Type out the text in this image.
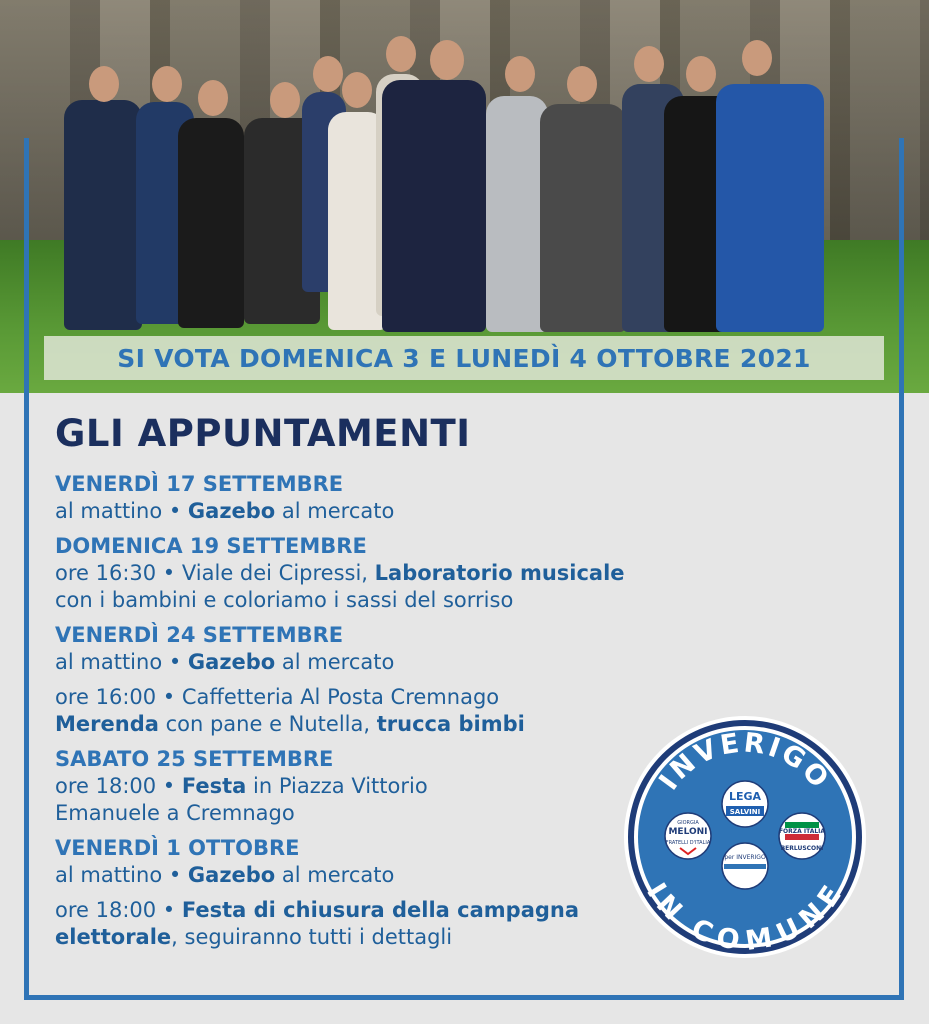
SI VOTA DOMENICA 3 E LUNEDÌ 4 OTTOBRE 2021
GLI APPUNTAMENTI
VENERDÌ 17 SETTEMBRE
al mattino • Gazebo al mercato
DOMENICA 19 SETTEMBRE
ore 16:30 • Viale dei Cipressi, Laboratorio musicale
con i bambini e coloriamo i sassi del sorriso
VENERDÌ 24 SETTEMBRE
al mattino • Gazebo al mercato
ore 16:00 • Caffetteria Al Posta Cremnago
Merenda con pane e Nutella, trucca bimbi
SABATO 25 SETTEMBRE
ore 18:00 • Festa in Piazza Vittorio
Emanuele a Cremnago
VENERDÌ 1 OTTOBRE
al mattino • Gazebo al mercato
ore 18:00 • Festa di chiusura della campagna
elettorale, seguiranno tutti i dettagli
INVERIGO
IN COMUNE
LEGA
SALVINI
GIORGIA
MELONI
FRATELLI D'ITALIA
FORZA ITALIA
BERLUSCONI
per INVERIGO
